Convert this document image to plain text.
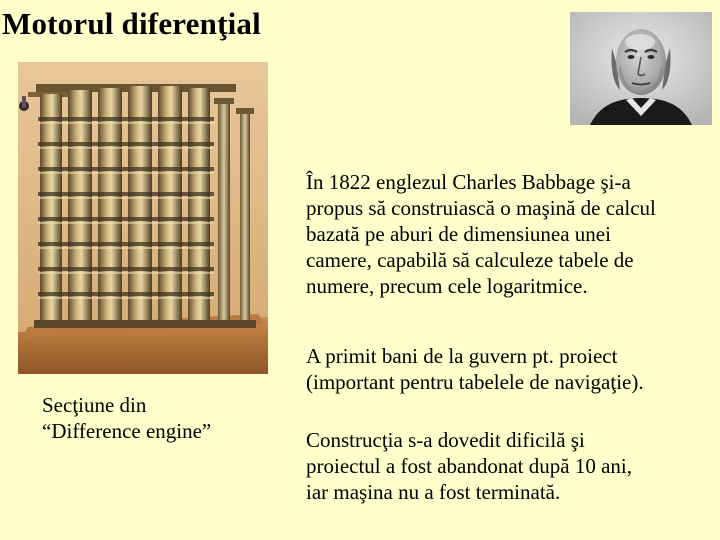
Motorul diferenţial
Secţiune din
“Difference engine”
În 1822 englezul Charles Babbage şi-a
propus să construiască o maşină de calcul
bazată pe aburi de dimensiunea unei
camere, capabilă să calculeze tabele de
numere, precum cele logaritmice.
A primit bani de la guvern pt. proiect
(important pentru tabelele de navigaţie).
Construcţia s-a dovedit dificilă şi
proiectul a fost abandonat după 10 ani,
iar maşina nu a fost terminată.
